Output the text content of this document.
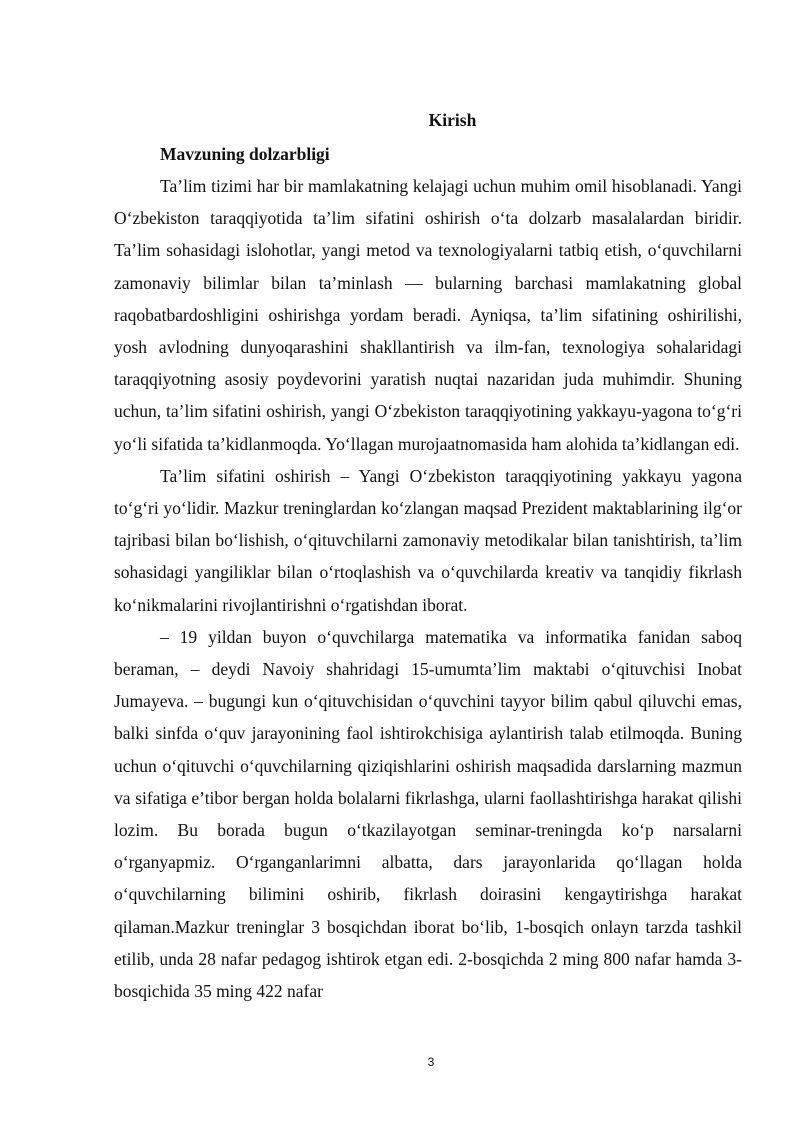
Kirish
Mavzuning dolzarbligi

Ta’lim tizimi har bir mamlakatning kelajagi uchun muhim omil hisoblanadi. Yangi O‘zbekiston taraqqiyotida ta’lim sifatini oshirish o‘ta dolzarb masalalardan biridir. Ta’lim sohasidagi islohotlar, yangi metod va texnologiyalarni tatbiq etish, o‘quvchilarni zamonaviy bilimlar bilan ta’minlash — bularning barchasi mamlakatning global raqobatbardoshligini oshirishga yordam beradi. Ayniqsa, ta’lim sifatining oshirilishi, yosh avlodning dunyoqarashini shakllantirish va ilm-fan, texnologiya sohalaridagi taraqqiyotning asosiy poydevorini yaratish nuqtai nazaridan juda muhimdir. Shuning uchun, ta’lim sifatini oshirish, yangi O‘zbekiston taraqqiyotining yakkayu-yagona to‘g‘ri yo‘li sifatida ta’kidlanmoqda. Yo‘llagan murojaatnomasida ham alohida ta’kidlangan edi.

Ta’lim sifatini oshirish – Yangi O‘zbekiston taraqqiyotining yakkayu yagona to‘g‘ri yo‘lidir. Mazkur treninglardan ko‘zlangan maqsad Prezident maktablarining ilg‘or tajribasi bilan bo‘lishish, o‘qituvchilarni zamonaviy metodikalar bilan tanishtirish, ta’lim sohasidagi yangiliklar bilan o‘rtoqlashish va o‘quvchilarda kreativ va tanqidiy fikrlash ko‘nikmalarini rivojlantirishni o‘rgatishdan iborat.

– 19 yildan buyon o‘quvchilarga matematika va informatika fanidan saboq beraman, – deydi Navoiy shahridagi 15-umumta’lim maktabi o‘qituvchisi Inobat Jumayeva. – bugungi kun o‘qituvchisidan o‘quvchini tayyor bilim qabul qiluvchi emas, balki sinfda o‘quv jarayonining faol ishtirokchisiga aylantirish talab etilmoqda. Buning uchun o‘qituvchi o‘quvchilarning qiziqishlarini oshirish maqsadida darslarning mazmun va sifatiga e’tibor bergan holda bolalarni fikrlashga, ularni faollashtirishga harakat qilishi lozim. Bu borada bugun o‘tkazilayotgan seminar-treningda ko‘p narsalarni o‘rganyapmiz. O‘rganganlarimni albatta, dars jarayonlarida qo‘llagan holda o‘quvchilarning bilimini oshirib, fikrlash doirasini kengaytirishga harakat qilaman.Mazkur treninglar 3 bosqichdan iborat bo‘lib, 1-bosqich onlayn tarzda tashkil etilib, unda 28 nafar pedagog ishtirok etgan edi. 2-bosqichda 2 ming 800 nafar hamda 3-bosqichida 35 ming 422 nafar

3
